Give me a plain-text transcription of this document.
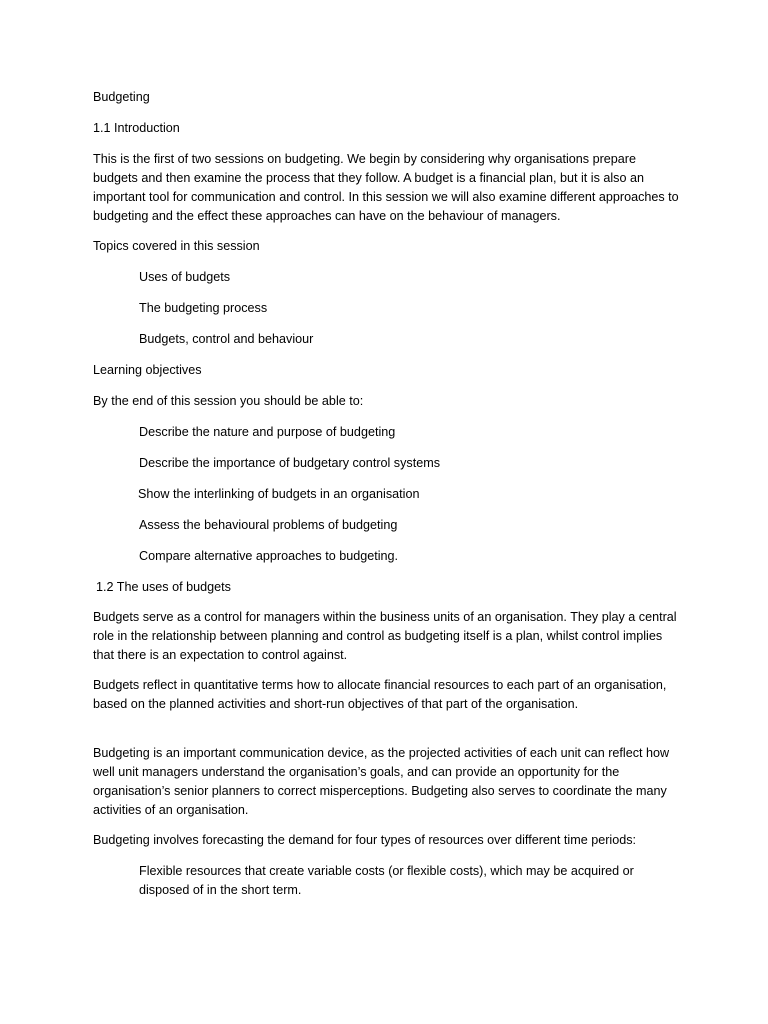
Budgeting

1.1 Introduction

This is the first of two sessions on budgeting. We begin by considering why organisations prepare budgets and then examine the process that they follow. A budget is a financial plan, but it is also an important tool for communication and control. In this session we will also examine different approaches to budgeting and the effect these approaches can have on the behaviour of managers.

Topics covered in this session

Uses of budgets

The budgeting process

Budgets, control and behaviour

Learning objectives

By the end of this session you should be able to:

Describe the nature and purpose of budgeting

Describe the importance of budgetary control systems

Show the interlinking of budgets in an organisation

Assess the behavioural problems of budgeting

Compare alternative approaches to budgeting.

1.2 The uses of budgets

Budgets serve as a control for managers within the business units of an organisation. They play a central role in the relationship between planning and control as budgeting itself is a plan, whilst control implies that there is an expectation to control against.

Budgets reflect in quantitative terms how to allocate financial resources to each part of an organisation, based on the planned activities and short-run objectives of that part of the organisation.

Budgeting is an important communication device, as the projected activities of each unit can reflect how well unit managers understand the organisation’s goals, and can provide an opportunity for the organisation’s senior planners to correct misperceptions. Budgeting also serves to coordinate the many activities of an organisation.

Budgeting involves forecasting the demand for four types of resources over different time periods:

Flexible resources that create variable costs (or flexible costs), which may be acquired or disposed of in the short term.
